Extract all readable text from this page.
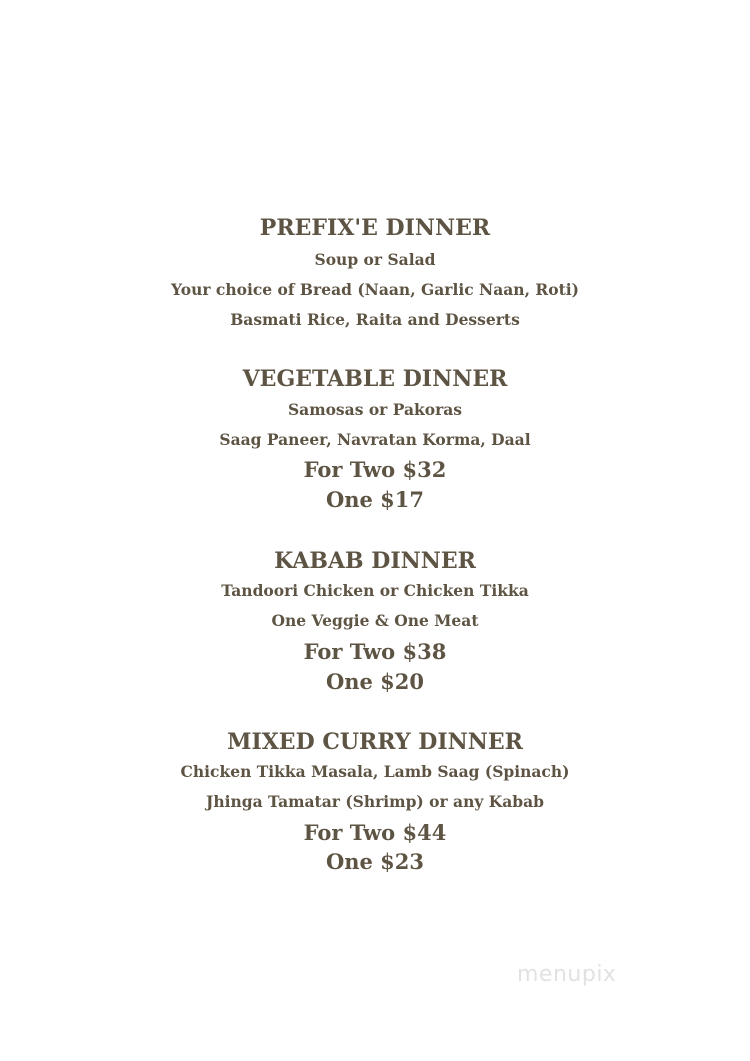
PREFIX'E DINNER
Soup or Salad
Your choice of Bread (Naan, Garlic Naan, Roti)
Basmati Rice, Raita and Desserts
VEGETABLE DINNER
Samosas or Pakoras
Saag Paneer, Navratan Korma, Daal
For Two $32
One $17
KABAB DINNER
Tandoori Chicken or Chicken Tikka
One Veggie & One Meat
For Two $38
One $20
MIXED CURRY DINNER
Chicken Tikka Masala, Lamb Saag (Spinach)
Jhinga Tamatar (Shrimp) or any Kabab
For Two $44
One $23
menupix
